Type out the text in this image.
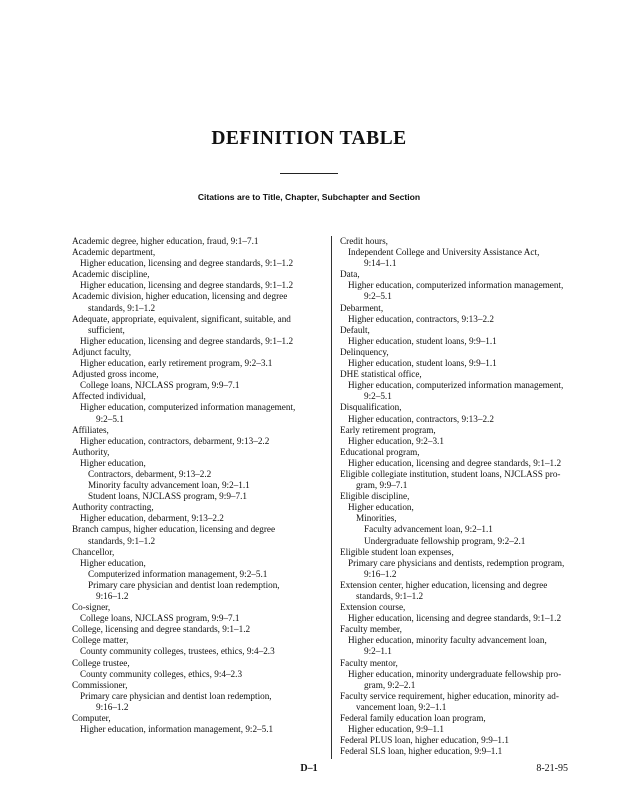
DEFINITION TABLE
Citations are to Title, Chapter, Subchapter and Section
Academic degree, higher education, fraud, 9:1–7.1
Academic department,
Higher education, licensing and degree standards, 9:1–1.2
Academic discipline,
Higher education, licensing and degree standards, 9:1–1.2
Academic division, higher education, licensing and degree
standards, 9:1–1.2
Adequate, appropriate, equivalent, significant, suitable, and
sufficient,
Higher education, licensing and degree standards, 9:1–1.2
Adjunct faculty,
Higher education, early retirement program, 9:2–3.1
Adjusted gross income,
College loans, NJCLASS program, 9:9–7.1
Affected individual,
Higher education, computerized information management,
9:2–5.1
Affiliates,
Higher education, contractors, debarment, 9:13–2.2
Authority,
Higher education,
Contractors, debarment, 9:13–2.2
Minority faculty advancement loan, 9:2–1.1
Student loans, NJCLASS program, 9:9–7.1
Authority contracting,
Higher education, debarment, 9:13–2.2
Branch campus, higher education, licensing and degree
standards, 9:1–1.2
Chancellor,
Higher education,
Computerized information management, 9:2–5.1
Primary care physician and dentist loan redemption,
9:16–1.2
Co-signer,
College loans, NJCLASS program, 9:9–7.1
College, licensing and degree standards, 9:1–1.2
College matter,
County community colleges, trustees, ethics, 9:4–2.3
College trustee,
County community colleges, ethics, 9:4–2.3
Commissioner,
Primary care physician and dentist loan redemption,
9:16–1.2
Computer,
Higher education, information management, 9:2–5.1
Credit hours,
Independent College and University Assistance Act,
9:14–1.1
Data,
Higher education, computerized information management,
9:2–5.1
Debarment,
Higher education, contractors, 9:13–2.2
Default,
Higher education, student loans, 9:9–1.1
Delinquency,
Higher education, student loans, 9:9–1.1
DHE statistical office,
Higher education, computerized information management,
9:2–5.1
Disqualification,
Higher education, contractors, 9:13–2.2
Early retirement program,
Higher education, 9:2–3.1
Educational program,
Higher education, licensing and degree standards, 9:1–1.2
Eligible collegiate institution, student loans, NJCLASS pro-
gram, 9:9–7.1
Eligible discipline,
Higher education,
Minorities,
Faculty advancement loan, 9:2–1.1
Undergraduate fellowship program, 9:2–2.1
Eligible student loan expenses,
Primary care physicians and dentists, redemption program,
9:16–1.2
Extension center, higher education, licensing and degree
standards, 9:1–1.2
Extension course,
Higher education, licensing and degree standards, 9:1–1.2
Faculty member,
Higher education, minority faculty advancement loan,
9:2–1.1
Faculty mentor,
Higher education, minority undergraduate fellowship pro-
gram, 9:2–2.1
Faculty service requirement, higher education, minority ad-
vancement loan, 9:2–1.1
Federal family education loan program,
Higher education, 9:9–1.1
Federal PLUS loan, higher education, 9:9–1.1
Federal SLS loan, higher education, 9:9–1.1
D–1	8-21-95
